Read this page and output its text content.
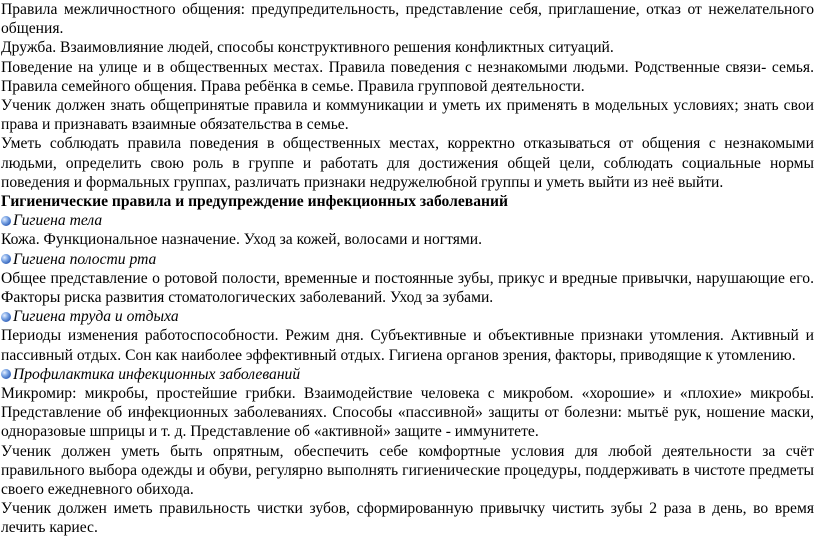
Правила межличностного общения: предупредительность, представление себя, приглашение, отказ от нежелательного общения.

Дружба. Взаимовлияние людей, способы конструктивного решения конфликтных ситуаций.

Поведение на улице и в общественных местах. Правила поведения с незнакомыми людьми. Родственные связи- семья. Правила семейного общения. Права ребёнка в семье. Правила групповой деятельности.

Ученик должен знать общепринятые правила и коммуникации и уметь их применять в модельных условиях; знать свои права и признавать взаимные обязательства в семье.

Уметь соблюдать правила поведения в общественных местах, корректно отказываться от общения с незнакомыми людьми, определить свою роль в группе и работать для достижения общей цели, соблюдать социальные нормы поведения и формальных группах, различать признаки недружелюбной группы и уметь выйти из неё выйти.

Гигиенические правила и предупреждение инфекционных заболеваний

Гигиена тела

Кожа. Функциональное назначение. Уход за кожей, волосами и ногтями.

Гигиена полости рта

Общее представление о ротовой полости, временные и постоянные зубы, прикус и вредные привычки, нарушающие его. Факторы риска развития стоматологических заболеваний. Уход за зубами.

Гигиена труда и отдыха

Периоды изменения работоспособности. Режим дня. Субъективные и объективные признаки утомления. Активный и пассивный отдых. Сон как наиболее эффективный отдых. Гигиена органов зрения, факторы, приводящие к утомлению.

Профилактика инфекционных заболеваний

Микромир: микробы, простейшие грибки. Взаимодействие человека с микробом. «хорошие» и «плохие» микробы. Представление об инфекционных заболеваниях. Способы «пассивной» защиты от болезни: мытьё рук, ношение маски, одноразовые шприцы и т. д. Представление об «активной» защите - иммунитете.

Ученик должен уметь быть опрятным, обеспечить себе комфортные условия для любой деятельности за счёт правильного выбора одежды и обуви, регулярно выполнять гигиенические процедуры, поддерживать в чистоте предметы своего ежедневного обихода.

Ученик должен иметь правильность чистки зубов, сформированную привычку чистить зубы 2 раза в день, во время лечить кариес.
